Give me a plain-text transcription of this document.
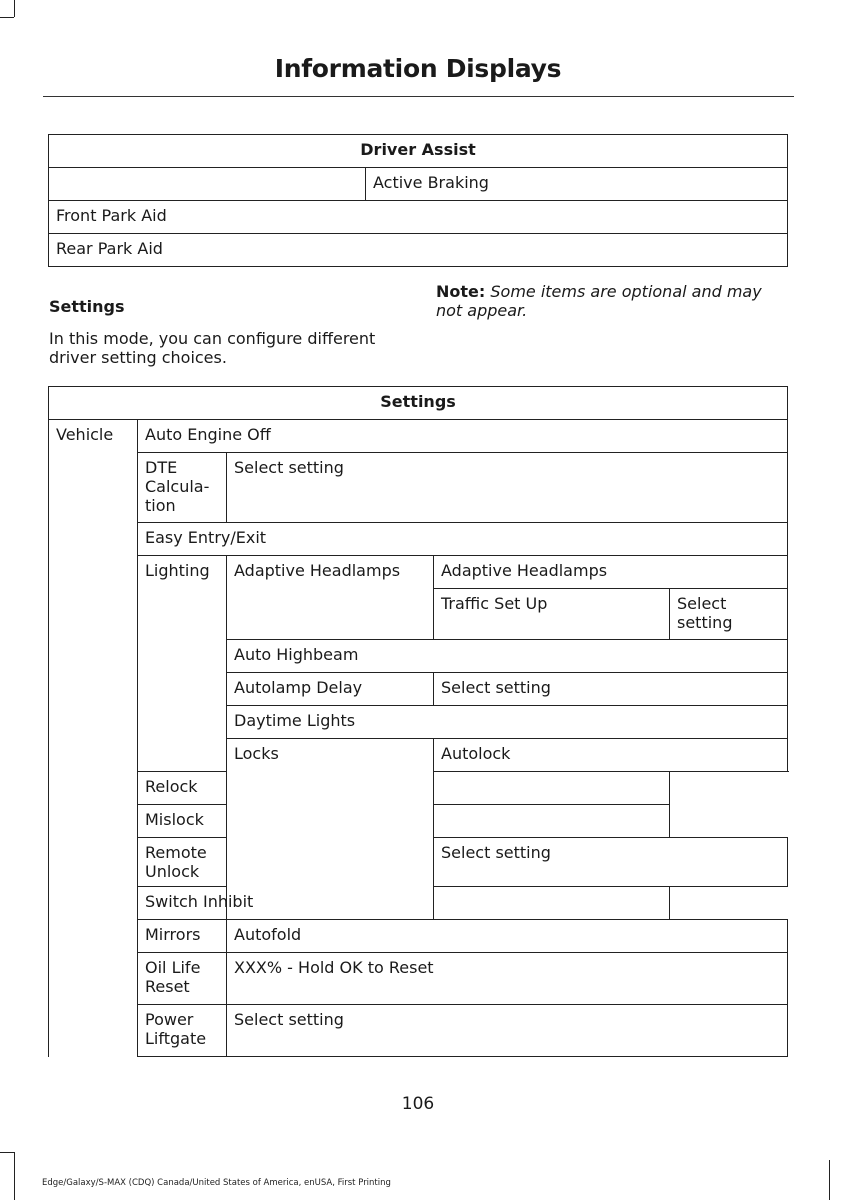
Information Displays
Driver Assist
	Active Braking
Front Park Aid
Rear Park Aid
Settings
In this mode, you can configure different driver setting choices.
Note: Some items are optional and may not appear.
Settings				
Vehicle	Auto Engine Off			
	DTE Calcula- tion	Select setting		
	Easy Entry/Exit			
	Lighting	Adaptive Headlamps	Adaptive Headlamps	
			Traffic Set Up	Select setting
		Auto Highbeam		
		Autolamp Delay	Select setting	
		Daytime Lights		
		Locks	Autolock	
	Relock			
	Mislock			
	Remote Unlock		Select setting	
	Switch Inhibit			
	Mirrors	Autofold		
	Oil Life Reset	XXX% - Hold OK to Reset		
	Power Liftgate	Select setting		
106
Edge/Galaxy/S-MAX (CDQ) Canada/United States of America, enUSA, First Printing
